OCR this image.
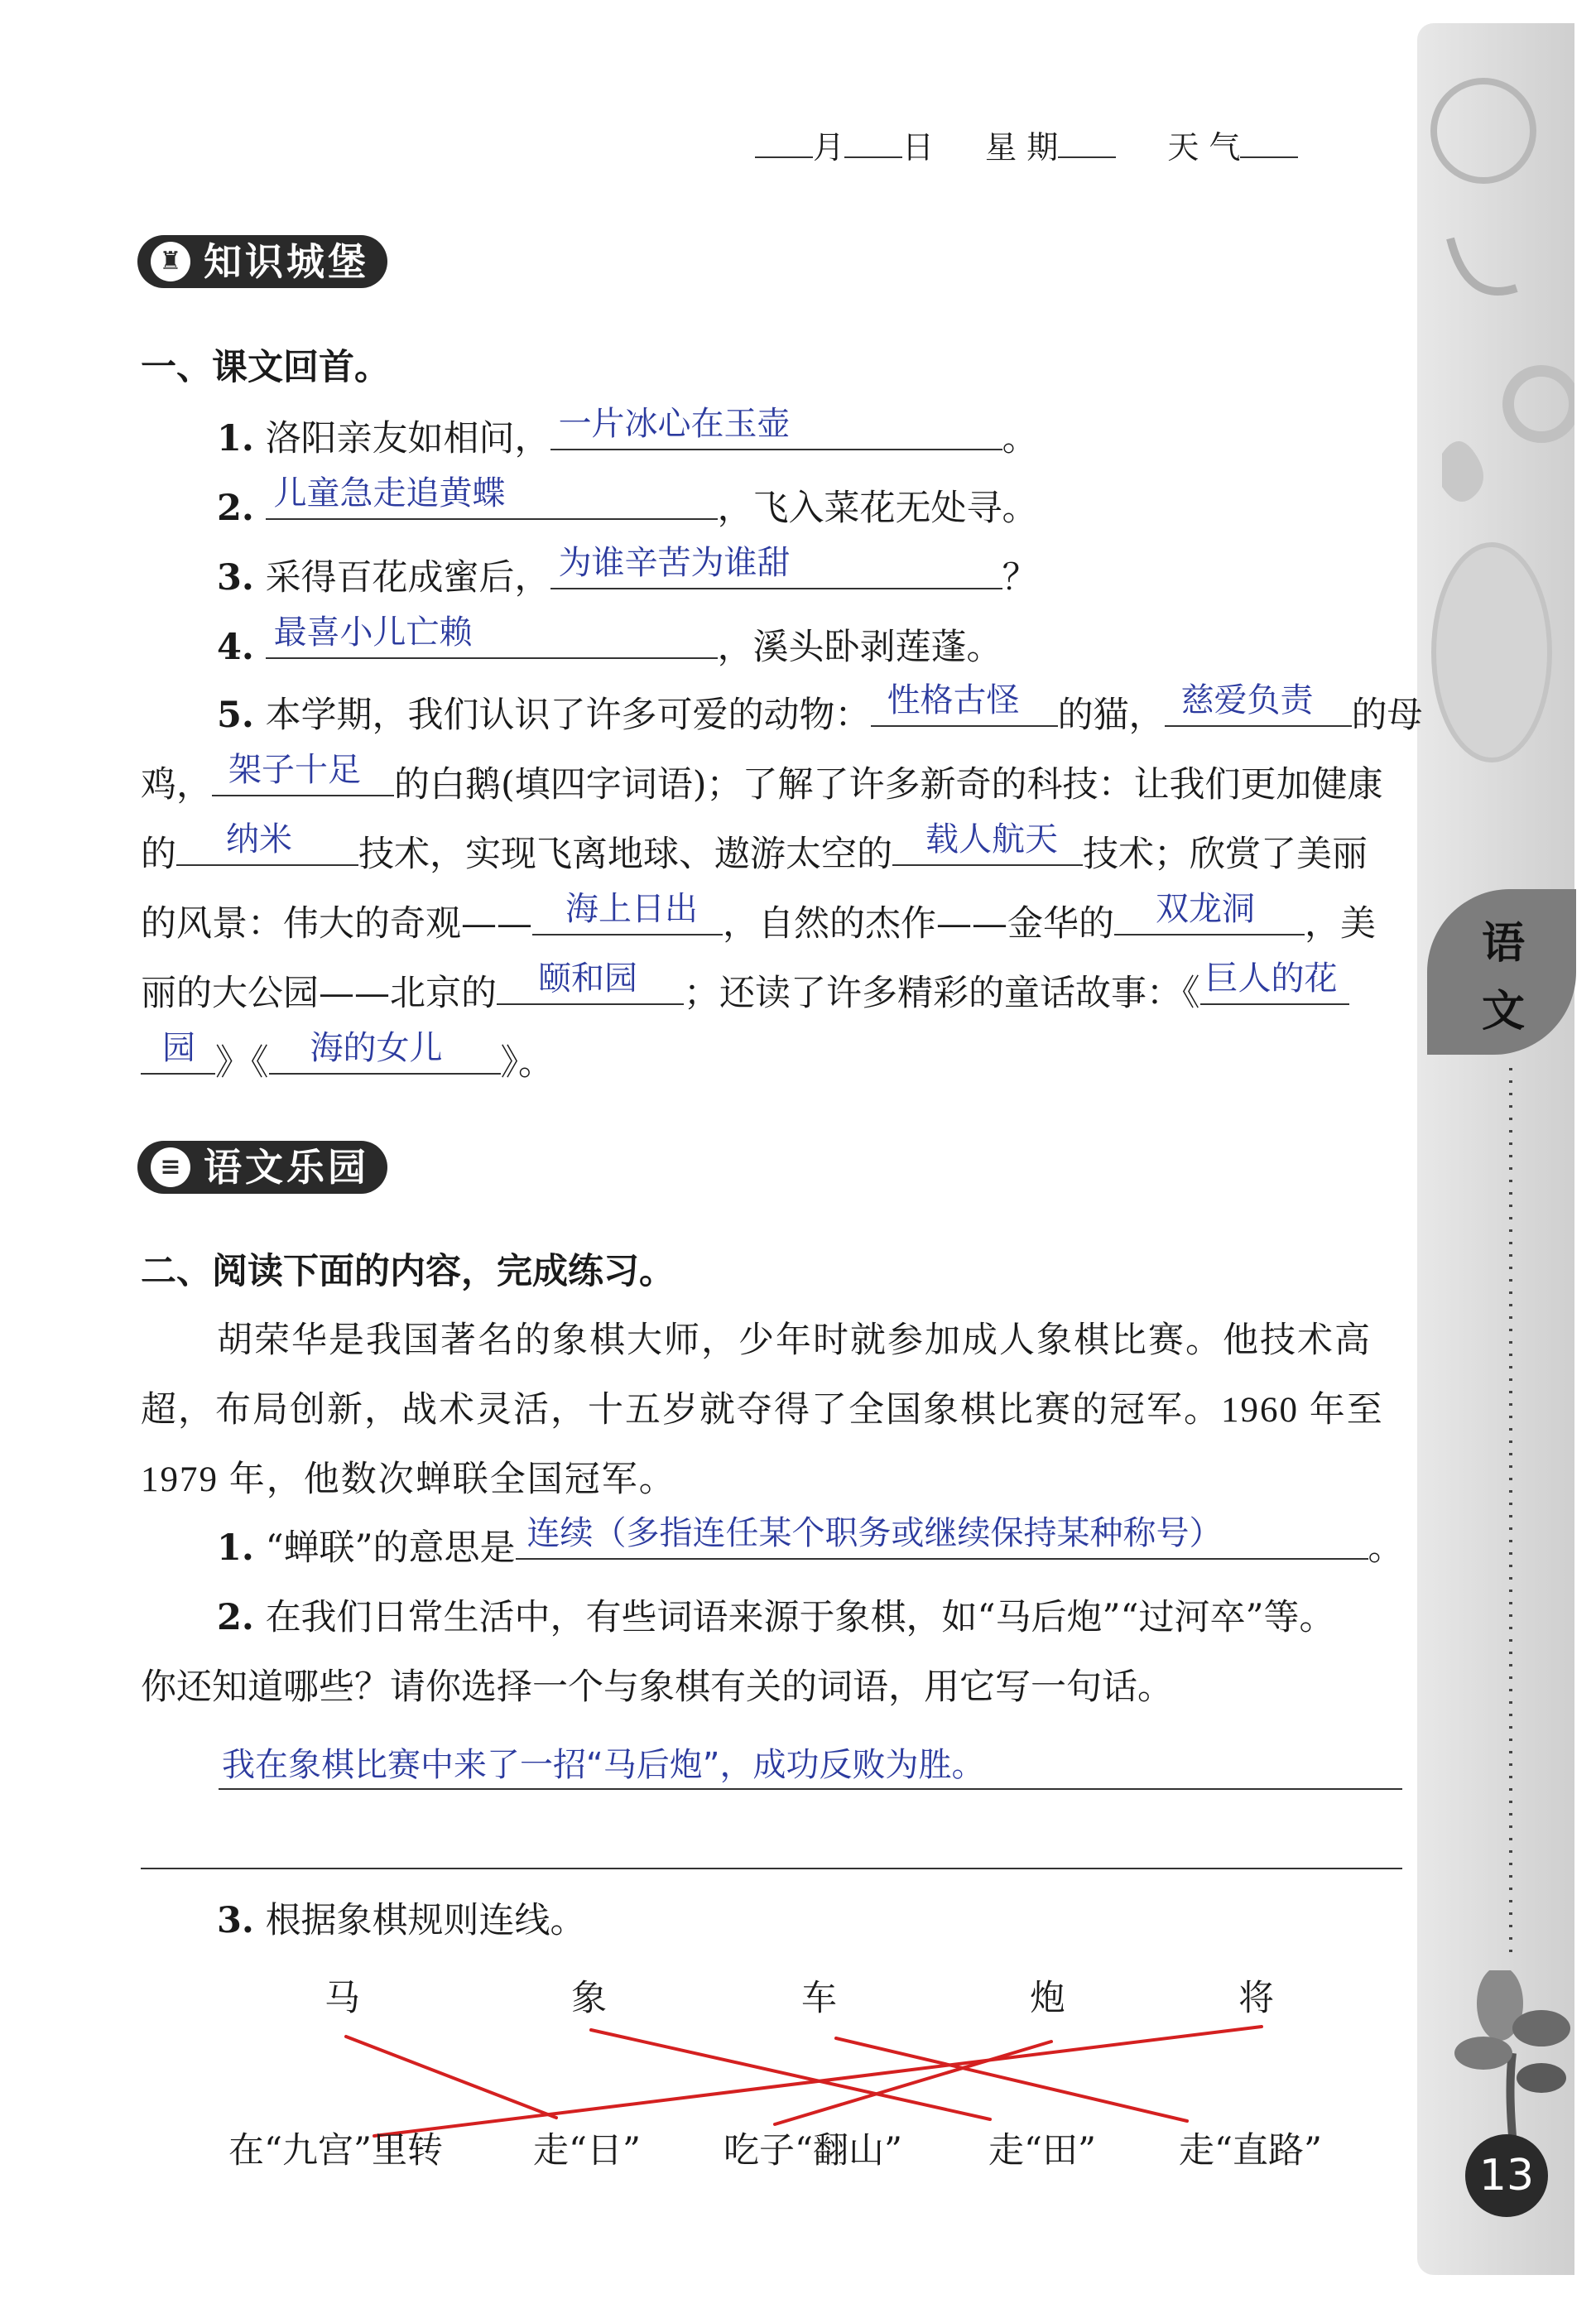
语
文
13
月 日 星 期	天 气
♜ 知识城堡
一、课文回首。
1. 洛阳亲友如相问， 一片冰心在玉壶	。
2. 儿童急走追黄蝶	，飞入菜花无处寻。
3. 采得百花成蜜后， 为谁辛苦为谁甜	？
4. 最喜小儿亡赖	，溪头卧剥莲蓬。
5. 本学期，我们认识了许多可爱的动物： 性格古怪 的猫， 慈爱负责 的母
鸡， 架子十足 的白鹅(填四字词语)；了解了许多新奇的科技：让我们更加健康
的 纳米 技术，实现飞离地球、遨游太空的 载人航天 技术；欣赏了美丽
的风景：伟大的奇观—— 海上日出 ，自然的杰作——金华的 双龙洞 ，美
丽的大公园——北京的 颐和园 ；还读了许多精彩的童话故事：《 巨人的花
园 》《 海的女儿 》。
≡ 语文乐园
二、阅读下面的内容，完成练习。
胡荣华是我国著名的象棋大师，少年时就参加成人象棋比赛。他技术高
超，布局创新，战术灵活，十五岁就夺得了全国象棋比赛的冠军。1960 年至
1979 年，他数次蝉联全国冠军。
1. “蝉联”的意思是 连续（多指连任某个职务或继续保持某种称号）	。
2. 在我们日常生活中，有些词语来源于象棋，如“马后炮”“过河卒”等。
你还知道哪些？请你选择一个与象棋有关的词语，用它写一句话。
我在象棋比赛中来了一招“马后炮”，成功反败为胜。
3. 根据象棋规则连线。
马	象	车	炮	将
在“九宫”里转	走“日” 吃子“翻山” 走“田” 走“直路”
